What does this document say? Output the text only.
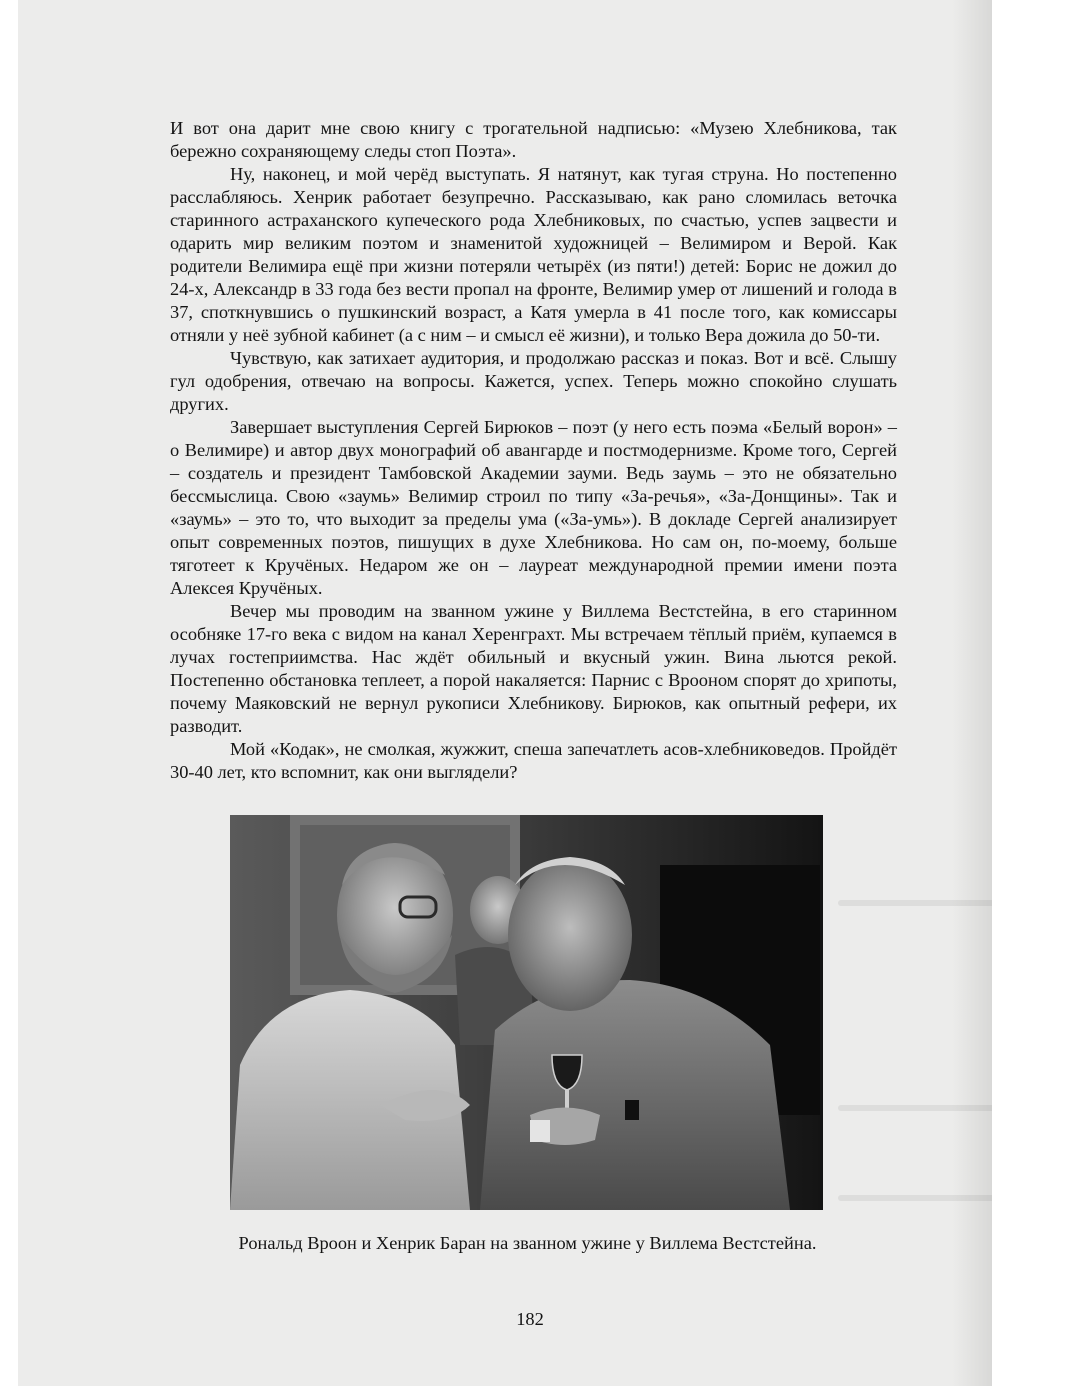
И вот она дарит мне свою книгу с трогательной надписью: «Музею Хлебникова, так бережно сохраняющему следы стоп Поэта».

Ну, наконец, и мой черёд выступать. Я натянут, как тугая струна. Но постепенно расслабляюсь. Хенрик работает безупречно. Рассказываю, как рано сломилась веточка старинного астраханского купеческого рода Хлебниковых, по счастью, успев зацвести и одарить мир великим поэтом и знаменитой художницей – Велимиром и Верой. Как родители Велимира ещё при жизни потеряли четырёх (из пяти!) детей: Борис не дожил до 24-х, Александр в 33 года без вести пропал на фронте, Велимир умер от лишений и голода в 37, споткнувшись о пушкинский возраст, а Катя умерла в 41 после того, как комиссары отняли у неё зубной кабинет (а с ним – и смысл её жизни), и только Вера дожила до 50-ти.

Чувствую, как затихает аудитория, и продолжаю рассказ и показ. Вот и всё. Слышу гул одобрения, отвечаю на вопросы. Кажется, успех. Теперь можно спокойно слушать других.

Завершает выступления Сергей Бирюков – поэт (у него есть поэма «Белый ворон» – о Велимире) и автор двух монографий об авангарде и постмодернизме. Кроме того, Сергей – создатель и президент Тамбовской Академии зауми. Ведь заумь – это не обязательно бессмыслица. Свою «заумь» Велимир строил по типу «За-речья», «За-Донщины». Так и «заумь» – это то, что выходит за пределы ума («За-умь»). В докладе Сергей анализирует опыт современных поэтов, пишущих в духе Хлебникова. Но сам он, по-моему, больше тяготеет к Кручёных. Недаром же он – лауреат международной премии имени поэта Алексея Кручёных.

Вечер мы проводим на званном ужине у Виллема Вестстейна, в его старинном особняке 17-го века с видом на канал Херенграхт. Мы встречаем тёплый приём, купаемся в лучах гостеприимства. Нас ждёт обильный и вкусный ужин. Вина льются рекой. Постепенно обстановка теплеет, а порой накаляется: Парнис с Врооном спорят до хрипоты, почему Маяковский не вернул рукописи Хлебникову. Бирюков, как опытный рефери, их разводит.

Мой «Кодак», не смолкая, жужжит, спеша запечатлеть асов-хлебниковедов. Пройдёт 30-40 лет, кто вспомнит, как они выглядели?

Рональд Вроон и Хенрик Баран на званном ужине у Виллема Вестстейна.
182
